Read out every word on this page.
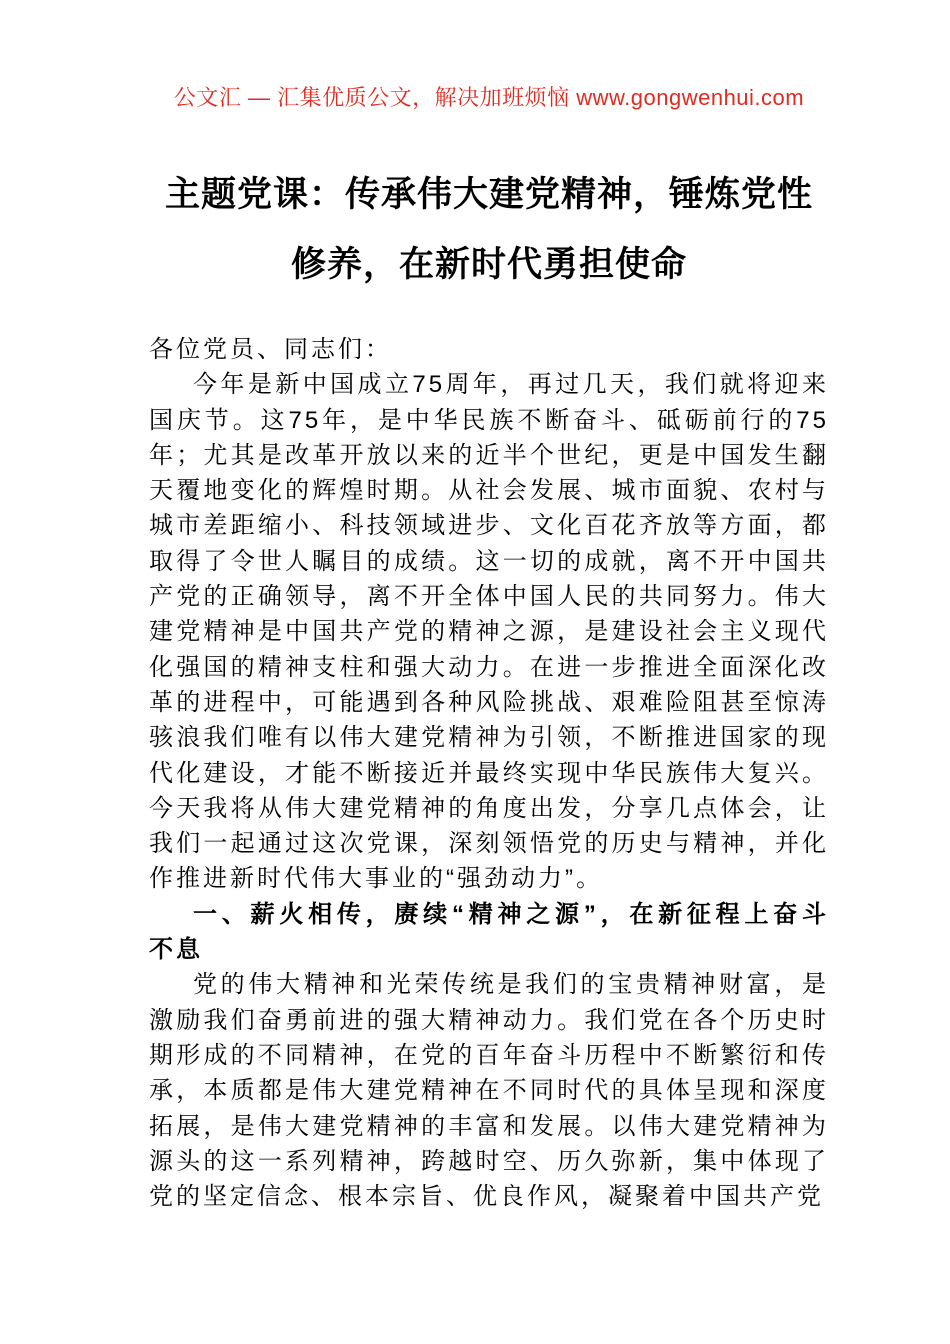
公文汇 — 汇集优质公文，解决加班烦恼 www.gongwenhui.com
主题党课：传承伟大建党精神，锤炼党性
修养，在新时代勇担使命

各位党员、同志们：

今年是新中国成立75周年，再过几天，我们就将迎来国庆节。这75年，是中华民族不断奋斗、砥砺前行的75年；尤其是改革开放以来的近半个世纪，更是中国发生翻天覆地变化的辉煌时期。从社会发展、城市面貌、农村与城市差距缩小、科技领域进步、文化百花齐放等方面，都取得了令世人瞩目的成绩。这一切的成就，离不开中国共产党的正确领导，离不开全体中国人民的共同努力。伟大建党精神是中国共产党的精神之源，是建设社会主义现代化强国的精神支柱和强大动力。在进一步推进全面深化改革的进程中，可能遇到各种风险挑战、艰难险阻甚至惊涛骇浪我们唯有以伟大建党精神为引领，不断推进国家的现代化建设，才能不断接近并最终实现中华民族伟大复兴。今天我将从伟大建党精神的角度出发，分享几点体会，让我们一起通过这次党课，深刻领悟党的历史与精神，并化作推进新时代伟大事业的“强劲动力”。

一、薪火相传，赓续“精神之源”，在新征程上奋斗

不息

党的伟大精神和光荣传统是我们的宝贵精神财富，是激励我们奋勇前进的强大精神动力。我们党在各个历史时期形成的不同精神，在党的百年奋斗历程中不断繁衍和传承，本质都是伟大建党精神在不同时代的具体呈现和深度拓展，是伟大建党精神的丰富和发展。以伟大建党精神为源头的这一系列精神，跨越时空、历久弥新，集中体现了党的坚定信念、根本宗旨、优良作风，凝聚着中国共产党
